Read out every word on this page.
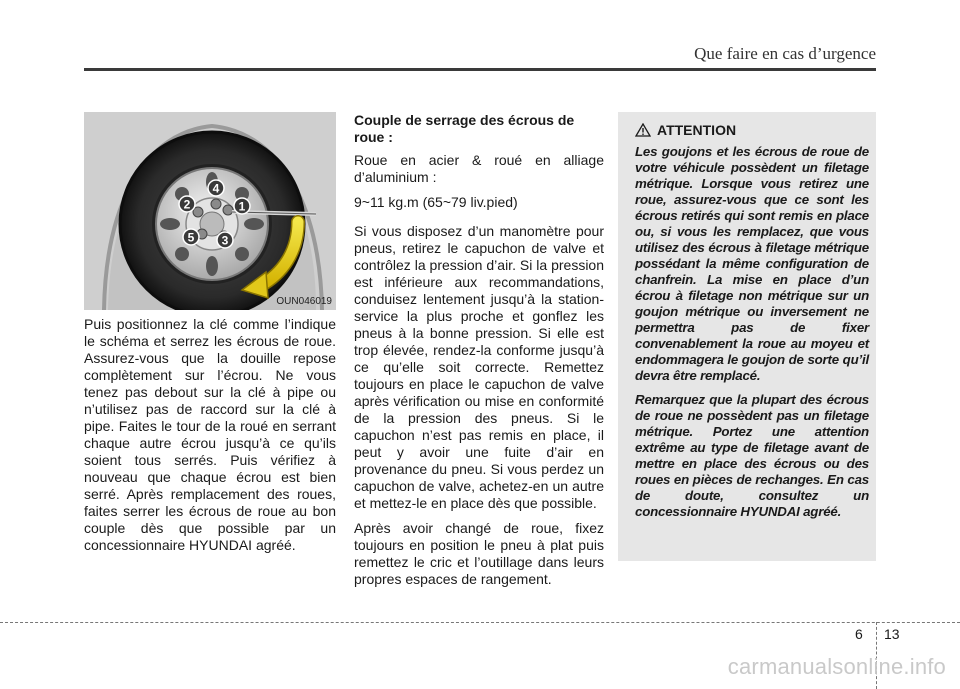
Que faire en cas d’urgence
1
2
3
4
5
OUN046019

Puis positionnez la clé comme l’indique le schéma et serrez les écrous de roue. Assurez-vous que la douille repose complètement sur l’écrou. Ne vous tenez pas debout sur la clé à pipe ou n’utilisez pas de raccord sur la clé à pipe. Faites le tour de la roué en serrant chaque autre écrou jusqu’à ce qu’ils soient tous serrés. Puis vérifiez à nouveau que chaque écrou est bien serré. Après remplacement des roues, faites serrer les écrous de roue au bon couple dès que possible par un concessionnaire HYUNDAI agréé.

Couple de serrage des écrous de roue :

Roue en acier & roué en alliage d’aluminium :

9~11 kg.m (65~79 liv.pied)

Si vous disposez d’un manomètre pour pneus, retirez le capuchon de valve et contrôlez la pression d’air. Si la pression est inférieure aux recommandations, conduisez lentement jusqu’à la station-service la plus proche et gonflez les pneus à la bonne pression. Si elle est trop élevée, rendez-la conforme jusqu’à ce qu’elle soit correcte. Remettez toujours en place le capuchon de valve après vérification ou mise en conformité de la pression des pneus. Si le capuchon n’est pas remis en place, il peut y avoir une fuite d’air en provenance du pneu. Si vous perdez un capuchon de valve, achetez-en un autre et mettez-le en place dès que possible.

Après avoir changé de roue, fixez toujours en position le pneu à plat puis remettez le cric et l’outillage dans leurs propres espaces de rangement.

ATTENTION

Les goujons et les écrous de roue de votre véhicule possèdent un filetage métrique. Lorsque vous retirez une roue, assurez-vous que ce sont les écrous retirés qui sont remis en place ou, si vous les remplacez, que vous utilisez des écrous à filetage métrique possédant la même configuration de chanfrein. La mise en place d’un écrou à filetage non métrique sur un goujon métrique ou inversement ne permettra pas de fixer convenablement la roue au moyeu et endommagera le goujon de sorte qu’il devra être remplacé.

Remarquez que la plupart des écrous de roue ne possèdent pas un filetage métrique. Portez une attention extrême au type de filetage avant de mettre en place des écrous ou des roues en pièces de rechanges. En cas de doute, consultez un concessionnaire HYUNDAI agréé.

6 13
carmanualsonline.info
